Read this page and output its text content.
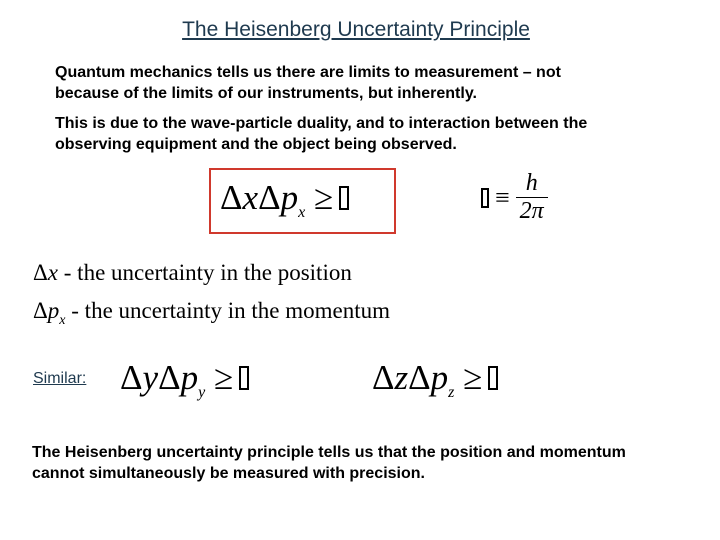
The Heisenberg Uncertainty Principle
Quantum mechanics tells us there are limits to measurement – not because of the limits of our instruments, but inherently.
This is due to the wave-particle duality, and to interaction between the observing equipment and the object being observed.
ΔxΔp$_x$ ≥	≡ $\frac{h}{2\pi}$
Δx - the uncertainty in the position
$\Delta p_x$ - the uncertainty in the momentum
Similar: ΔyΔp$_y$ ≥	ΔzΔp$_z$ ≥
The Heisenberg uncertainty principle tells us that the position and momentum cannot simultaneously be measured with precision.
